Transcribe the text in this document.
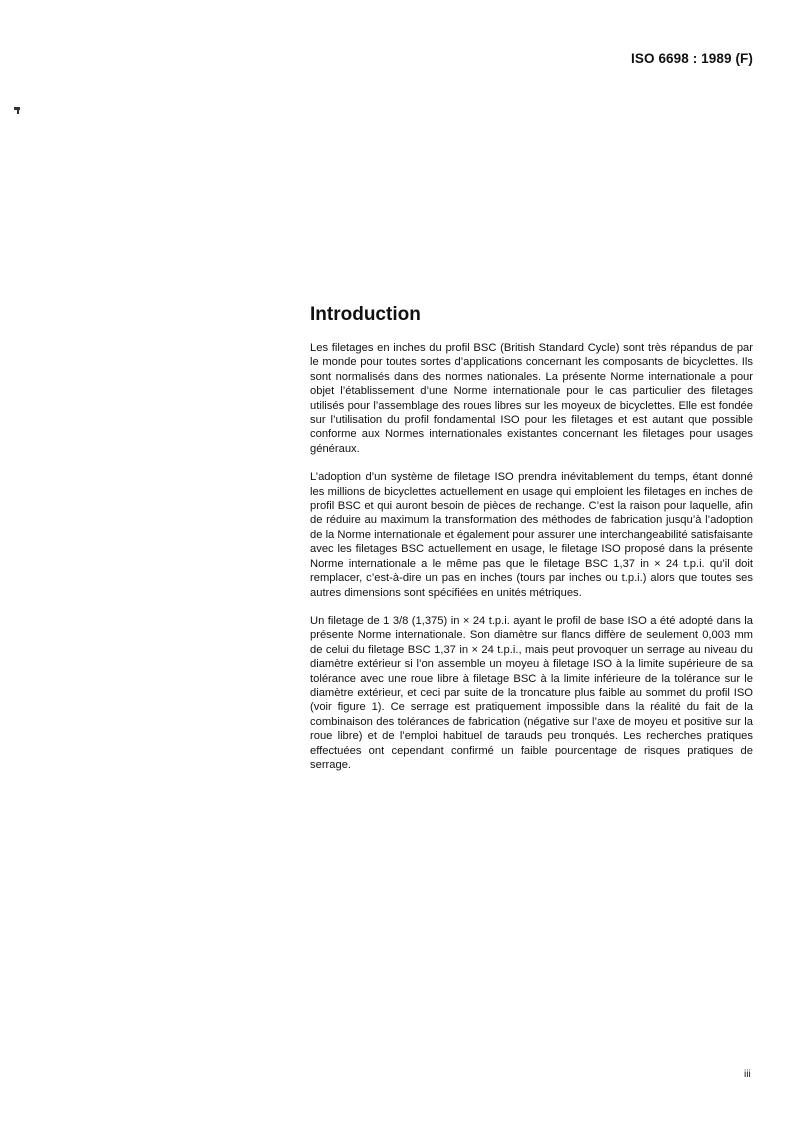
ISO 6698 : 1989 (F)
Introduction

Les filetages en inches du profil BSC (British Standard Cycle) sont très répandus de par le monde pour toutes sortes d’applications concernant les composants de bicyclettes. Ils sont normalisés dans des normes nationales. La présente Norme internationale a pour objet l’établissement d’une Norme internationale pour le cas particulier des filetages utilisés pour l’assemblage des roues libres sur les moyeux de bicyclettes. Elle est fondée sur l’utilisation du profil fondamental ISO pour les filetages et est autant que possible conforme aux Normes internationales existantes concernant les filetages pour usages généraux.

L’adoption d’un système de filetage ISO prendra inévitablement du temps, étant donné les millions de bicyclettes actuellement en usage qui emploient les filetages en inches de profil BSC et qui auront besoin de pièces de rechange. C’est la raison pour laquelle, afin de réduire au maximum la transformation des méthodes de fabrication jusqu’à l’adoption de la Norme internationale et également pour assurer une interchangeabilité satisfaisante avec les filetages BSC actuellement en usage, le filetage ISO proposé dans la présente Norme internationale a le même pas que le filetage BSC 1,37 in × 24 t.p.i. qu’il doit remplacer, c’est-à-dire un pas en inches (tours par inches ou t.p.i.) alors que toutes ses autres dimensions sont spécifiées en unités métriques.

Un filetage de 1 3/8 (1,375) in × 24 t.p.i. ayant le profil de base ISO a été adopté dans la présente Norme internationale. Son diamètre sur flancs diffère de seulement 0,003 mm de celui du filetage BSC 1,37 in × 24 t.p.i., mais peut provoquer un serrage au niveau du diamètre extérieur si l’on assemble un moyeu à filetage ISO à la limite supérieure de sa tolérance avec une roue libre à filetage BSC à la limite inférieure de la tolérance sur le diamètre extérieur, et ceci par suite de la troncature plus faible au sommet du profil ISO (voir figure 1). Ce serrage est pratiquement impossible dans la réalité du fait de la combinaison des tolérances de fabrication (négative sur l’axe de moyeu et positive sur la roue libre) et de l’emploi habituel de tarauds peu tronqués. Les recherches pratiques effectuées ont cependant confirmé un faible pourcentage de risques pratiques de serrage.

iii
